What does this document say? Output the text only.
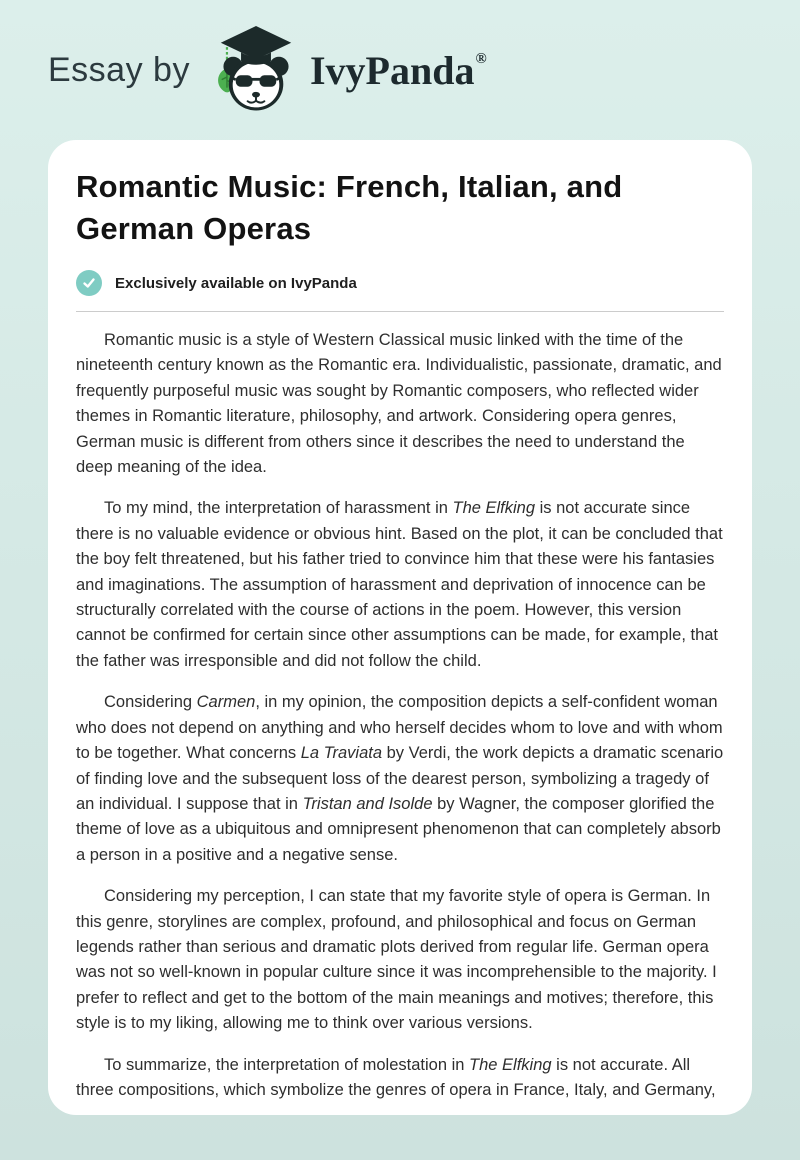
Essay by	IvyPanda®
Romantic Music: French, Italian, and German Operas
Exclusively available on IvyPanda

Romantic music is a style of Western Classical music linked with the time of the nineteenth century known as the Romantic era. Individualistic, passionate, dramatic, and frequently purposeful music was sought by Romantic composers, who reflected wider themes in Romantic literature, philosophy, and artwork. Considering opera genres, German music is different from others since it describes the need to understand the deep meaning of the idea.

To my mind, the interpretation of harassment in The Elfking is not accurate since there is no valuable evidence or obvious hint. Based on the plot, it can be concluded that the boy felt threatened, but his father tried to convince him that these were his fantasies and imaginations. The assumption of harassment and deprivation of innocence can be structurally correlated with the course of actions in the poem. However, this version cannot be confirmed for certain since other assumptions can be made, for example, that the father was irresponsible and did not follow the child.

Considering Carmen, in my opinion, the composition depicts a self-confident woman who does not depend on anything and who herself decides whom to love and with whom to be together. What concerns La Traviata by Verdi, the work depicts a dramatic scenario of finding love and the subsequent loss of the dearest person, symbolizing a tragedy of an individual. I suppose that in Tristan and Isolde by Wagner, the composer glorified the theme of love as a ubiquitous and omnipresent phenomenon that can completely absorb a person in a positive and a negative sense.

Considering my perception, I can state that my favorite style of opera is German. In this genre, storylines are complex, profound, and philosophical and focus on German legends rather than serious and dramatic plots derived from regular life. German opera was not so well-known in popular culture since it was incomprehensible to the majority. I prefer to reflect and get to the bottom of the main meanings and motives; therefore, this style is to my liking, allowing me to think over various versions.

To summarize, the interpretation of molestation in The Elfking is not accurate. All three compositions, which symbolize the genres of opera in France, Italy, and Germany,
